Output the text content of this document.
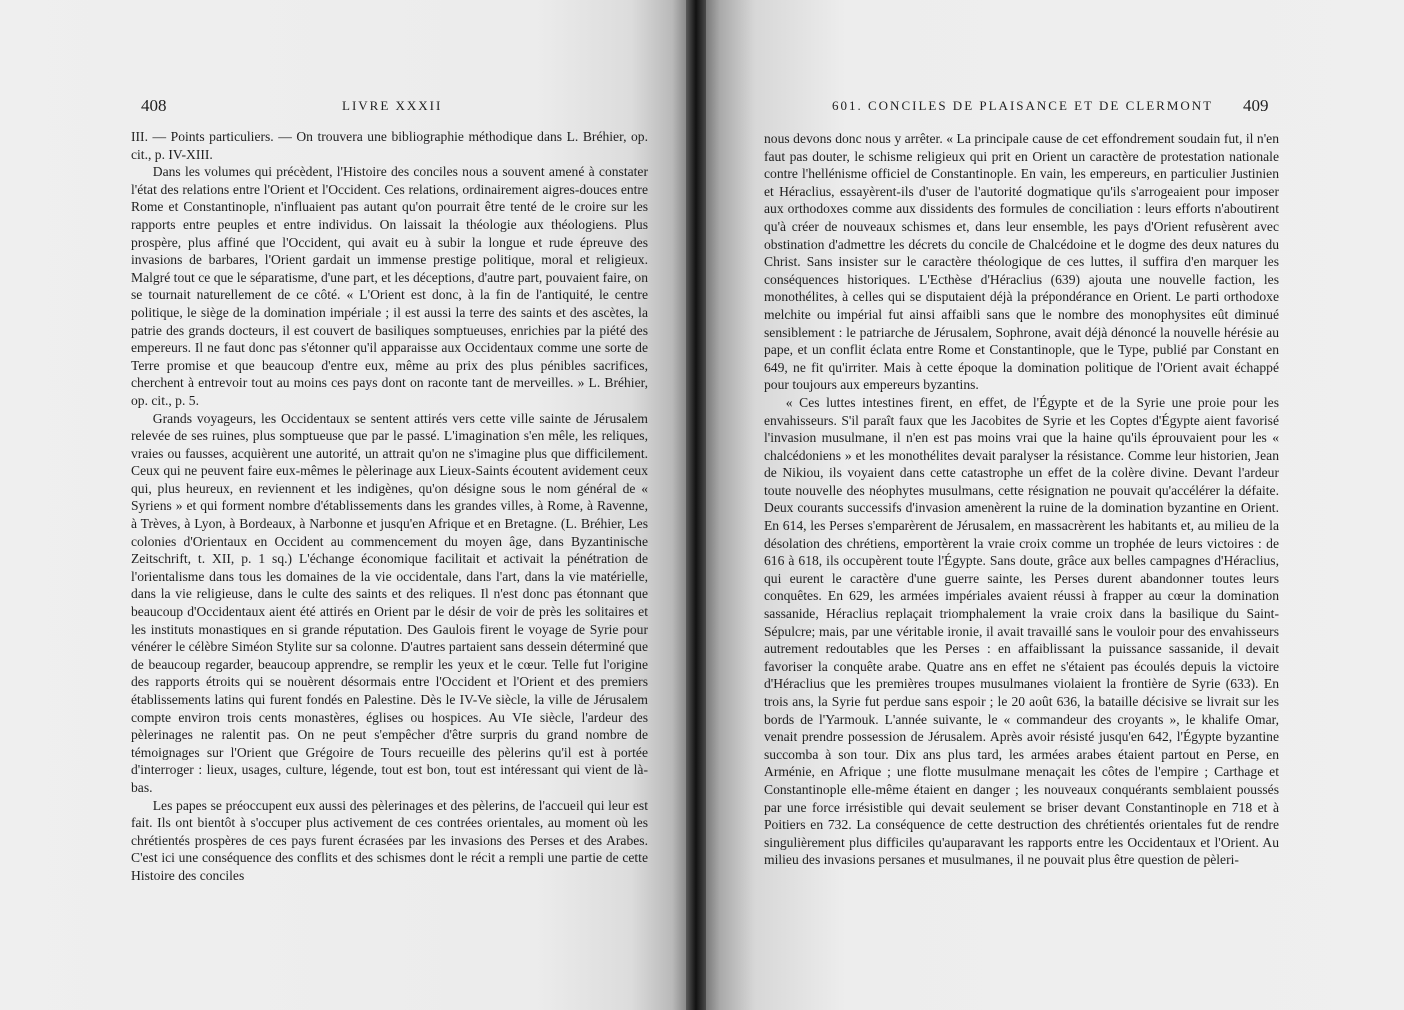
408	LIVRE XXXII

III. — Points particuliers. — On trouvera une bibliographie méthodique dans L. Bréhier, op. cit., p. IV-XIII.

Dans les volumes qui précèdent, l'Histoire des conciles nous a souvent amené à constater l'état des relations entre l'Orient et l'Occident. Ces relations, ordinairement aigres-douces entre Rome et Constantinople, n'influaient pas autant qu'on pourrait être tenté de le croire sur les rapports entre peuples et entre individus. On laissait la théologie aux théologiens. Plus prospère, plus affiné que l'Occident, qui avait eu à subir la longue et rude épreuve des invasions de barbares, l'Orient gardait un immense prestige politique, moral et religieux. Malgré tout ce que le séparatisme, d'une part, et les déceptions, d'autre part, pouvaient faire, on se tournait naturellement de ce côté. « L'Orient est donc, à la fin de l'antiquité, le centre politique, le siège de la domination impériale ; il est aussi la terre des saints et des ascètes, la patrie des grands docteurs, il est couvert de basiliques somptueuses, enrichies par la piété des empereurs. Il ne faut donc pas s'étonner qu'il apparaisse aux Occidentaux comme une sorte de Terre promise et que beaucoup d'entre eux, même au prix des plus pénibles sacrifices, cherchent à entrevoir tout au moins ces pays dont on raconte tant de merveilles. » L. Bréhier, op. cit., p. 5.

Grands voyageurs, les Occidentaux se sentent attirés vers cette ville sainte de Jérusalem relevée de ses ruines, plus somptueuse que par le passé. L'imagination s'en mêle, les reliques, vraies ou fausses, acquièrent une autorité, un attrait qu'on ne s'imagine plus que difficilement. Ceux qui ne peuvent faire eux-mêmes le pèlerinage aux Lieux-Saints écoutent avidement ceux qui, plus heureux, en reviennent et les indigènes, qu'on désigne sous le nom général de « Syriens » et qui forment nombre d'établissements dans les grandes villes, à Rome, à Ravenne, à Trèves, à Lyon, à Bordeaux, à Narbonne et jusqu'en Afrique et en Bretagne. (L. Bréhier, Les colonies d'Orientaux en Occident au commencement du moyen âge, dans Byzantinische Zeitschrift, t. XII, p. 1 sq.) L'échange économique facilitait et activait la pénétration de l'orientalisme dans tous les domaines de la vie occidentale, dans l'art, dans la vie matérielle, dans la vie religieuse, dans le culte des saints et des reliques. Il n'est donc pas étonnant que beaucoup d'Occidentaux aient été attirés en Orient par le désir de voir de près les solitaires et les instituts monastiques en si grande réputation. Des Gaulois firent le voyage de Syrie pour vénérer le célèbre Siméon Stylite sur sa colonne. D'autres partaient sans dessein déterminé que de beaucoup regarder, beaucoup apprendre, se remplir les yeux et le cœur. Telle fut l'origine des rapports étroits qui se nouèrent désormais entre l'Occident et l'Orient et des premiers établissements latins qui furent fondés en Palestine. Dès le IV-Ve siècle, la ville de Jérusalem compte environ trois cents monastères, églises ou hospices. Au VIe siècle, l'ardeur des pèlerinages ne ralentit pas. On ne peut s'empêcher d'être surpris du grand nombre de témoignages sur l'Orient que Grégoire de Tours recueille des pèlerins qu'il est à portée d'interroger : lieux, usages, culture, légende, tout est bon, tout est intéressant qui vient de là-bas.

Les papes se préoccupent eux aussi des pèlerinages et des pèlerins, de l'accueil qui leur est fait. Ils ont bientôt à s'occuper plus activement de ces contrées orientales, au moment où les chrétientés prospères de ces pays furent écrasées par les invasions des Perses et des Arabes. C'est ici une conséquence des conflits et des schismes dont le récit a rempli une partie de cette Histoire des conciles

601. CONCILES DE PLAISANCE ET DE CLERMONT 409

nous devons donc nous y arrêter. « La principale cause de cet effondrement soudain fut, il n'en faut pas douter, le schisme religieux qui prit en Orient un caractère de protestation nationale contre l'hellénisme officiel de Constantinople. En vain, les empereurs, en particulier Justinien et Héraclius, essayèrent-ils d'user de l'autorité dogmatique qu'ils s'arrogeaient pour imposer aux orthodoxes comme aux dissidents des formules de conciliation : leurs efforts n'aboutirent qu'à créer de nouveaux schismes et, dans leur ensemble, les pays d'Orient refusèrent avec obstination d'admettre les décrets du concile de Chalcédoine et le dogme des deux natures du Christ. Sans insister sur le caractère théologique de ces luttes, il suffira d'en marquer les conséquences historiques. L'Ecthèse d'Héraclius (639) ajouta une nouvelle faction, les monothélites, à celles qui se disputaient déjà la prépondérance en Orient. Le parti orthodoxe melchite ou impérial fut ainsi affaibli sans que le nombre des monophysites eût diminué sensiblement : le patriarche de Jérusalem, Sophrone, avait déjà dénoncé la nouvelle hérésie au pape, et un conflit éclata entre Rome et Constantinople, que le Type, publié par Constant en 649, ne fit qu'irriter. Mais à cette époque la domination politique de l'Orient avait échappé pour toujours aux empereurs byzantins.

« Ces luttes intestines firent, en effet, de l'Égypte et de la Syrie une proie pour les envahisseurs. S'il paraît faux que les Jacobites de Syrie et les Coptes d'Égypte aient favorisé l'invasion musulmane, il n'en est pas moins vrai que la haine qu'ils éprouvaient pour les « chalcédoniens » et les monothélites devait paralyser la résistance. Comme leur historien, Jean de Nikiou, ils voyaient dans cette catastrophe un effet de la colère divine. Devant l'ardeur toute nouvelle des néophytes musulmans, cette résignation ne pouvait qu'accélérer la défaite. Deux courants successifs d'invasion amenèrent la ruine de la domination byzantine en Orient. En 614, les Perses s'emparèrent de Jérusalem, en massacrèrent les habitants et, au milieu de la désolation des chrétiens, emportèrent la vraie croix comme un trophée de leurs victoires : de 616 à 618, ils occupèrent toute l'Égypte. Sans doute, grâce aux belles campagnes d'Héraclius, qui eurent le caractère d'une guerre sainte, les Perses durent abandonner toutes leurs conquêtes. En 629, les armées impériales avaient réussi à frapper au cœur la domination sassanide, Héraclius replaçait triomphalement la vraie croix dans la basilique du Saint-Sépulcre; mais, par une véritable ironie, il avait travaillé sans le vouloir pour des envahisseurs autrement redoutables que les Perses : en affaiblissant la puissance sassanide, il devait favoriser la conquête arabe. Quatre ans en effet ne s'étaient pas écoulés depuis la victoire d'Héraclius que les premières troupes musulmanes violaient la frontière de Syrie (633). En trois ans, la Syrie fut perdue sans espoir ; le 20 août 636, la bataille décisive se livrait sur les bords de l'Yarmouk. L'année suivante, le « commandeur des croyants », le khalife Omar, venait prendre possession de Jérusalem. Après avoir résisté jusqu'en 642, l'Égypte byzantine succomba à son tour. Dix ans plus tard, les armées arabes étaient partout en Perse, en Arménie, en Afrique ; une flotte musulmane menaçait les côtes de l'empire ; Carthage et Constantinople elle-même étaient en danger ; les nouveaux conquérants semblaient poussés par une force irrésistible qui devait seulement se briser devant Constantinople en 718 et à Poitiers en 732. La conséquence de cette destruction des chrétientés orientales fut de rendre singulièrement plus difficiles qu'auparavant les rapports entre les Occidentaux et l'Orient. Au milieu des invasions persanes et musulmanes, il ne pouvait plus être question de pèleri-
